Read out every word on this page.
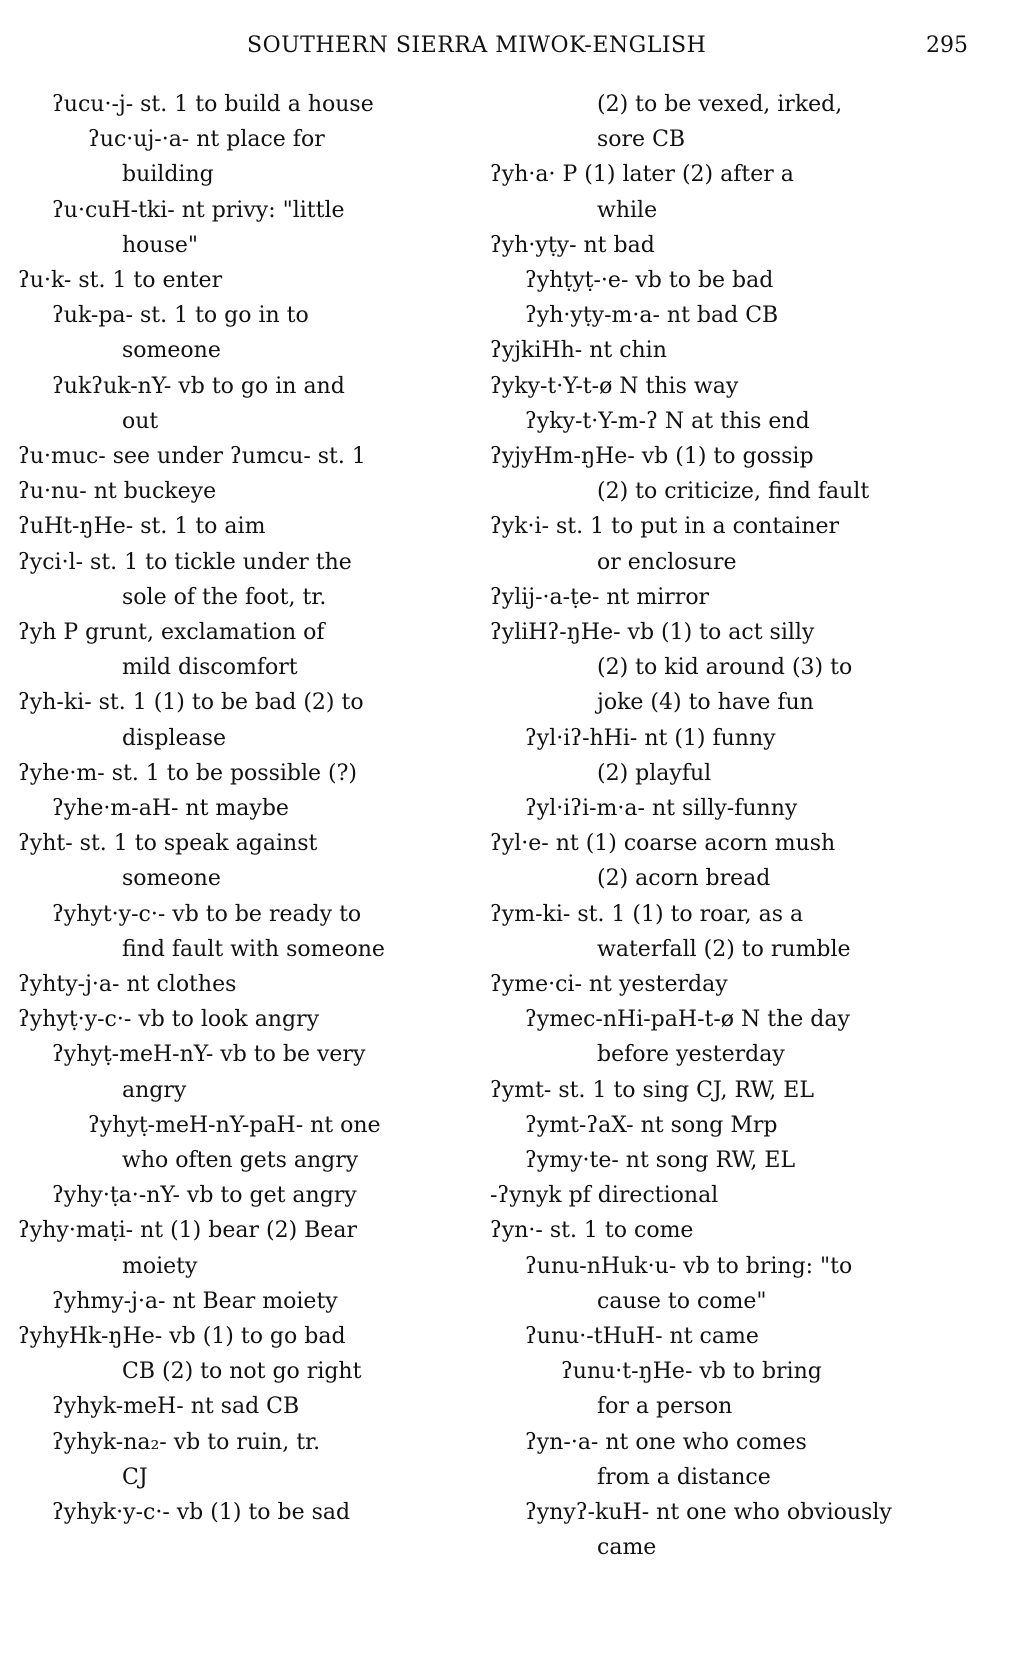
SOUTHERN SIERRA MIWOK-ENGLISH	295
ʔucu·-j- st. 1 to build a house
ʔuc·uj-·a- nt place for
building
ʔu·cuH-tki- nt privy: "little
house"
ʔu·k- st. 1 to enter
ʔuk-pa- st. 1 to go in to
someone
ʔukʔuk-nY- vb to go in and
out
ʔu·muc- see under ʔumcu- st. 1
ʔu·nu- nt buckeye
ʔuHt-ŋHe- st. 1 to aim
ʔyci·l- st. 1 to tickle under the
sole of the foot, tr.
ʔyh P grunt, exclamation of
mild discomfort
ʔyh-ki- st. 1 (1) to be bad (2) to
displease
ʔyhe·m- st. 1 to be possible (?)
ʔyhe·m-aH- nt maybe
ʔyht- st. 1 to speak against
someone
ʔyhyt·y-c·- vb to be ready to
find fault with someone
ʔyhty-j·a- nt clothes
ʔyhyṭ·y-c·- vb to look angry
ʔyhyṭ-meH-nY- vb to be very
angry
ʔyhyṭ-meH-nY-paH- nt one
who often gets angry
ʔyhy·ṭa·-nY- vb to get angry
ʔyhy·maṭi- nt (1) bear (2) Bear
moiety
ʔyhmy-j·a- nt Bear moiety
ʔyhyHk-ŋHe- vb (1) to go bad
CB (2) to not go right
ʔyhyk-meH- nt sad CB
ʔyhyk-na₂- vb to ruin, tr.
CJ
ʔyhyk·y-c·- vb (1) to be sad
(2) to be vexed, irked,
sore CB
ʔyh·a· P (1) later (2) after a
while
ʔyh·yṭy- nt bad
ʔyhṭyṭ-·e- vb to be bad
ʔyh·yṭy-m·a- nt bad CB
ʔyjkiHh- nt chin
ʔyky-t·Y-t-ø N this way
ʔyky-t·Y-m-ʔ N at this end
ʔyjyHm-ŋHe- vb (1) to gossip
(2) to criticize, find fault
ʔyk·i- st. 1 to put in a container
or enclosure
ʔylij-·a-ṭe- nt mirror
ʔyliHʔ-ŋHe- vb (1) to act silly
(2) to kid around (3) to
joke (4) to have fun
ʔyl·iʔ-hHi- nt (1) funny
(2) playful
ʔyl·iʔi-m·a- nt silly-funny
ʔyl·e- nt (1) coarse acorn mush
(2) acorn bread
ʔym-ki- st. 1 (1) to roar, as a
waterfall (2) to rumble
ʔyme·ci- nt yesterday
ʔymec-nHi-paH-t-ø N the day
before yesterday
ʔymt- st. 1 to sing CJ, RW, EL
ʔymt-ʔaX- nt song Mrp
ʔymy·te- nt song RW, EL
-ʔynyk pf directional
ʔyn·- st. 1 to come
ʔunu-nHuk·u- vb to bring: "to
cause to come"
ʔunu·-tHuH- nt came
ʔunu·t-ŋHe- vb to bring
for a person
ʔyn-·a- nt one who comes
from a distance
ʔynyʔ-kuH- nt one who obviously
came
